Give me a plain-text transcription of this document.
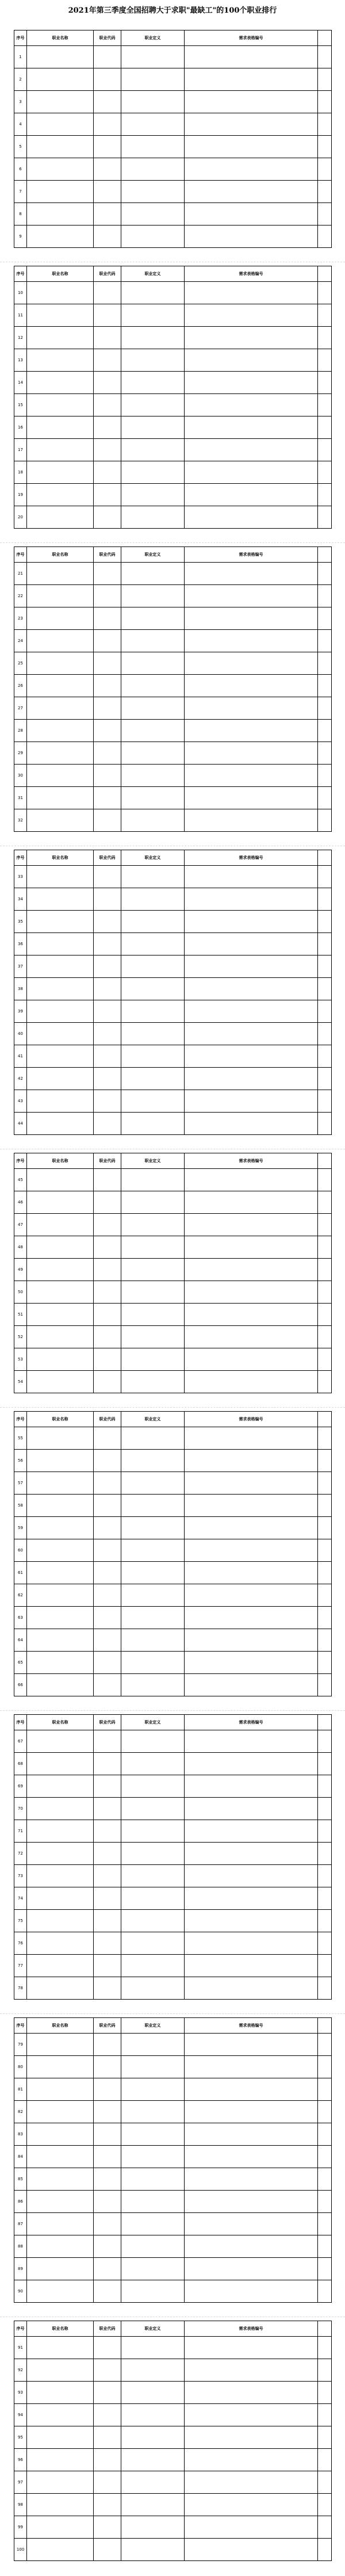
2021年第三季度全国招聘大于求职"最缺工"的100个职业排行
序号	职业名称	职业代码	职业定义	需求表格编号	
1					
2					
3					
4					
5					
6					
7					
8					
9					
序号	职业名称	职业代码	职业定义	需求表格编号	
10					
11					
12					
13					
14					
15					
16					
17					
18					
19					
20					
序号	职业名称	职业代码	职业定义	需求表格编号	
21					
22					
23					
24					
25					
26					
27					
28					
29					
30					
31					
32					
序号	职业名称	职业代码	职业定义	需求表格编号	
33					
34					
35					
36					
37					
38					
39					
40					
41					
42					
43					
44					
序号	职业名称	职业代码	职业定义	需求表格编号	
45					
46					
47					
48					
49					
50					
51					
52					
53					
54					
序号	职业名称	职业代码	职业定义	需求表格编号	
55					
56					
57					
58					
59					
60					
61					
62					
63					
64					
65					
66					
序号	职业名称	职业代码	职业定义	需求表格编号	
67					
68					
69					
70					
71					
72					
73					
74					
75					
76					
77					
78					
序号	职业名称	职业代码	职业定义	需求表格编号	
79					
80					
81					
82					
83					
84					
85					
86					
87					
88					
89					
90					
序号	职业名称	职业代码	职业定义	需求表格编号	
91					
92					
93					
94					
95					
96					
97					
98					
99					
100					
